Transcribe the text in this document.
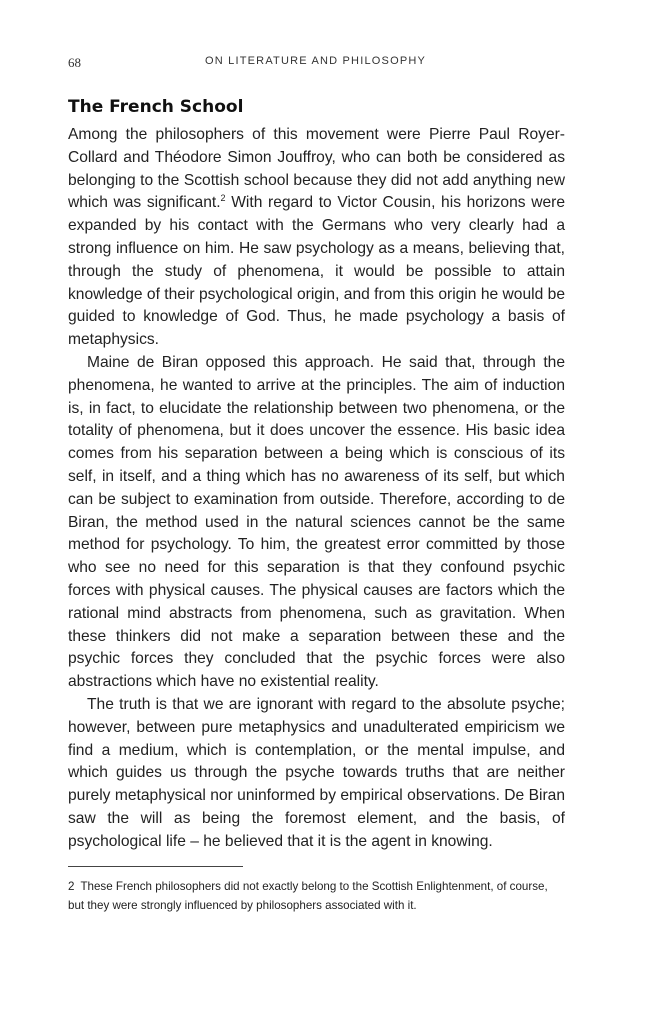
68	ON LITERATURE AND PHILOSOPHY
The French School

Among the philosophers of this movement were Pierre Paul Royer-Collard and Théodore Simon Jouffroy, who can both be considered as belonging to the Scottish school because they did not add anything new which was significant.$^2$ With regard to Victor Cousin, his horizons were expanded by his contact with the Germans who very clearly had a strong influence on him. He saw psychology as a means, believing that, through the study of phenomena, it would be possible to attain knowledge of their psychological origin, and from this origin he would be guided to knowledge of God. Thus, he made psychology a basis of metaphysics.

Maine de Biran opposed this approach. He said that, through the phenomena, he wanted to arrive at the principles. The aim of induction is, in fact, to elucidate the relationship between two phenomena, or the totality of phenomena, but it does uncover the essence. His basic idea comes from his separation between a being which is conscious of its self, in itself, and a thing which has no awareness of its self, but which can be subject to examination from outside. Therefore, according to de Biran, the method used in the natural sciences cannot be the same method for psychology. To him, the greatest error committed by those who see no need for this separation is that they confound psychic forces with physical causes. The physical causes are factors which the rational mind abstracts from phenomena, such as gravitation. When these thinkers did not make a separation between these and the psychic forces they concluded that the psychic forces were also abstractions which have no existential reality.

The truth is that we are ignorant with regard to the absolute psyche; however, between pure metaphysics and unadulterated empiricism we find a medium, which is contemplation, or the mental impulse, and which guides us through the psyche towards truths that are neither purely metaphysical nor uninformed by empirical observations. De Biran saw the will as being the foremost element, and the basis, of psychological life – he believed that it is the agent in knowing.

2 These French philosophers did not exactly belong to the Scottish Enlightenment, of course, but they were strongly influenced by philosophers associated with it.
